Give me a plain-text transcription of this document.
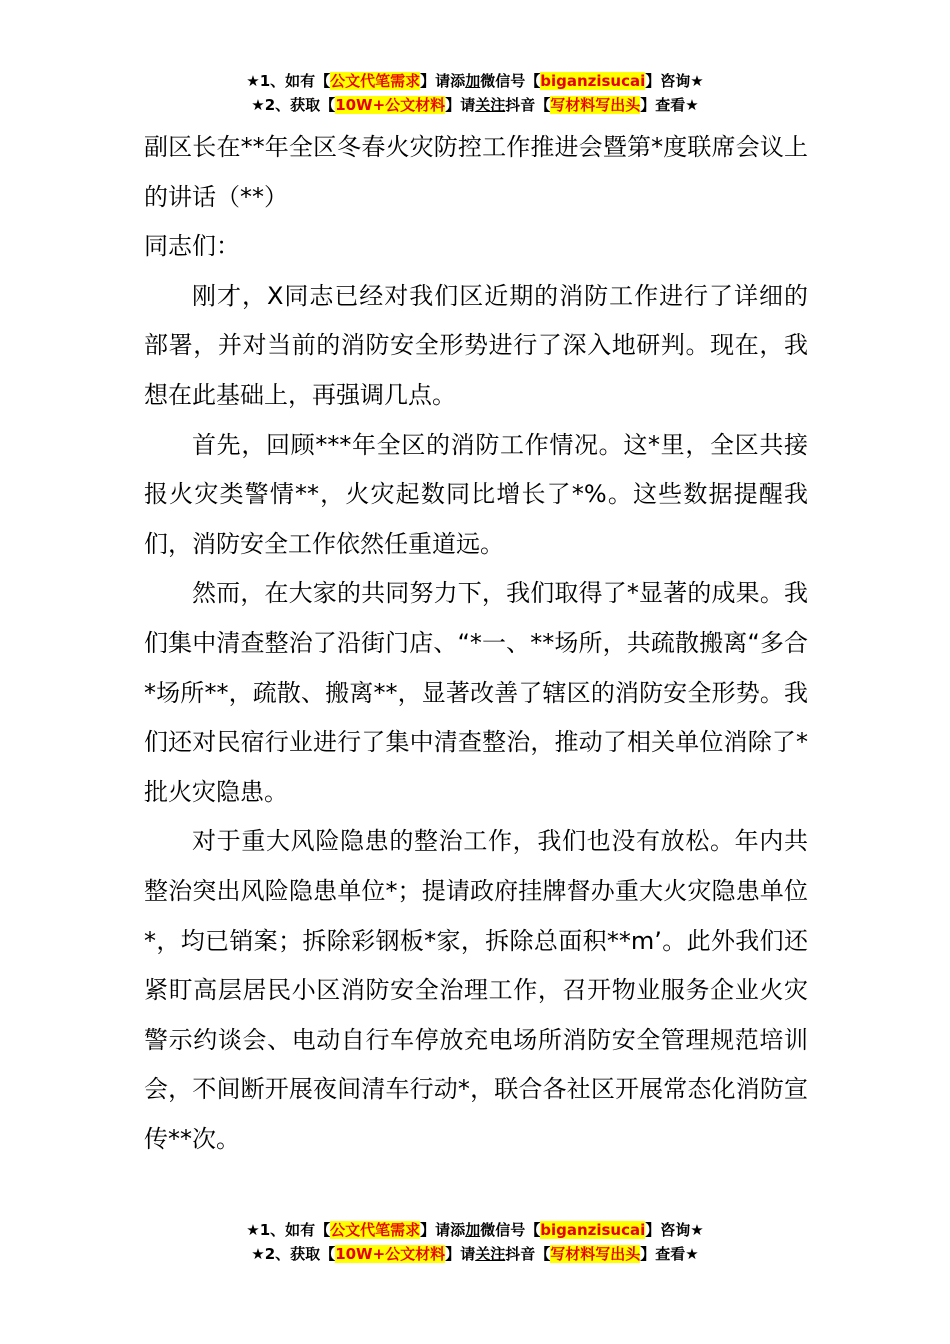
★1、如有【公文代笔需求】请添加微信号【biganzisucai】咨询★
★2、获取【10W+公文材料】请关注抖音【写材料写出头】查看★

副区长在**年全区冬春火灾防控工作推进会暨第*度联席会议上的讲话（**）

同志们：

刚才，X同志已经对我们区近期的消防工作进行了详细的部署，并对当前的消防安全形势进行了深入地研判。现在，我想在此基础上，再强调几点。

首先，回顾***年全区的消防工作情况。这*里，全区共接报火灾类警情**，火灾起数同比增长了*%。这些数据提醒我们，消防安全工作依然任重道远。

然而，在大家的共同努力下，我们取得了*显著的成果。我们集中清查整治了沿街门店、“*一、**场所，共疏散搬离“多合*场所**，疏散、搬离**，显著改善了辖区的消防安全形势。我们还对民宿行业进行了集中清查整治，推动了相关单位消除了*批火灾隐患。

对于重大风险隐患的整治工作，我们也没有放松。年内共整治突出风险隐患单位*；提请政府挂牌督办重大火灾隐患单位*，均已销案；拆除彩钢板*家，拆除总面积**m’。此外我们还紧盯高层居民小区消防安全治理工作，召开物业服务企业火灾警示约谈会、电动自行车停放充电场所消防安全管理规范培训会，不间断开展夜间清车行动*，联合各社区开展常态化消防宣传**次。

★1、如有【公文代笔需求】请添加微信号【biganzisucai】咨询★
★2、获取【10W+公文材料】请关注抖音【写材料写出头】查看★
